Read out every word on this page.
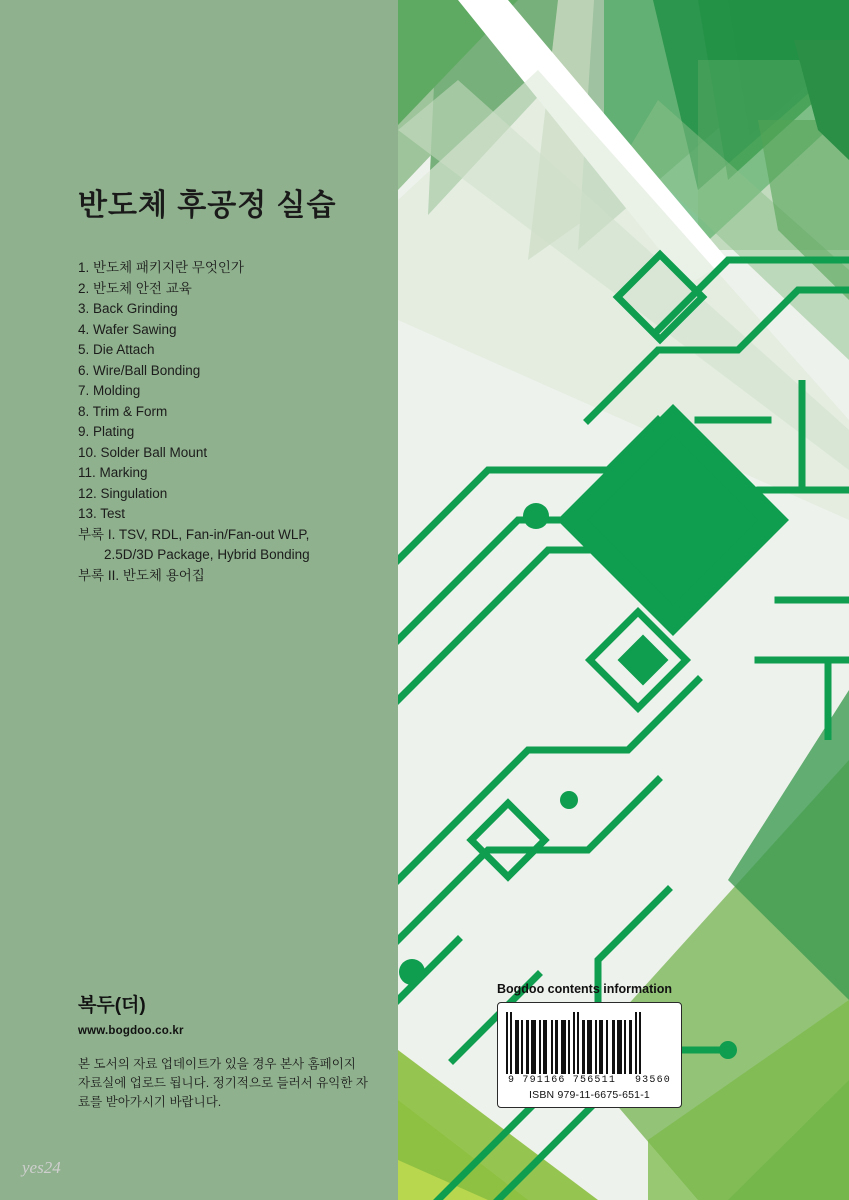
반도체 후공정 실습
1. 반도체 패키지란 무엇인가
2. 반도체 안전 교육
3. Back Grinding
4. Wafer Sawing
5. Die Attach
6. Wire/Ball Bonding
7. Molding
8. Trim & Form
9. Plating
10. Solder Ball Mount
11. Marking
12. Singulation
13. Test
부록 I. TSV, RDL, Fan-in/Fan-out WLP,
2.5D/3D Package, Hybrid Bonding
부록 II. 반도체 용어집
복두(더)
www.bogdoo.co.kr
본 도서의 자료 업데이트가 있을 경우 본사 홈페이지 자료실에 업로드 됩니다. 정기적으로 들러서 유익한 자료를 받아가시기 바랍니다.
yes24
Bogdoo contents information
9 791166 756511 93560
ISBN 979-11-6675-651-1
